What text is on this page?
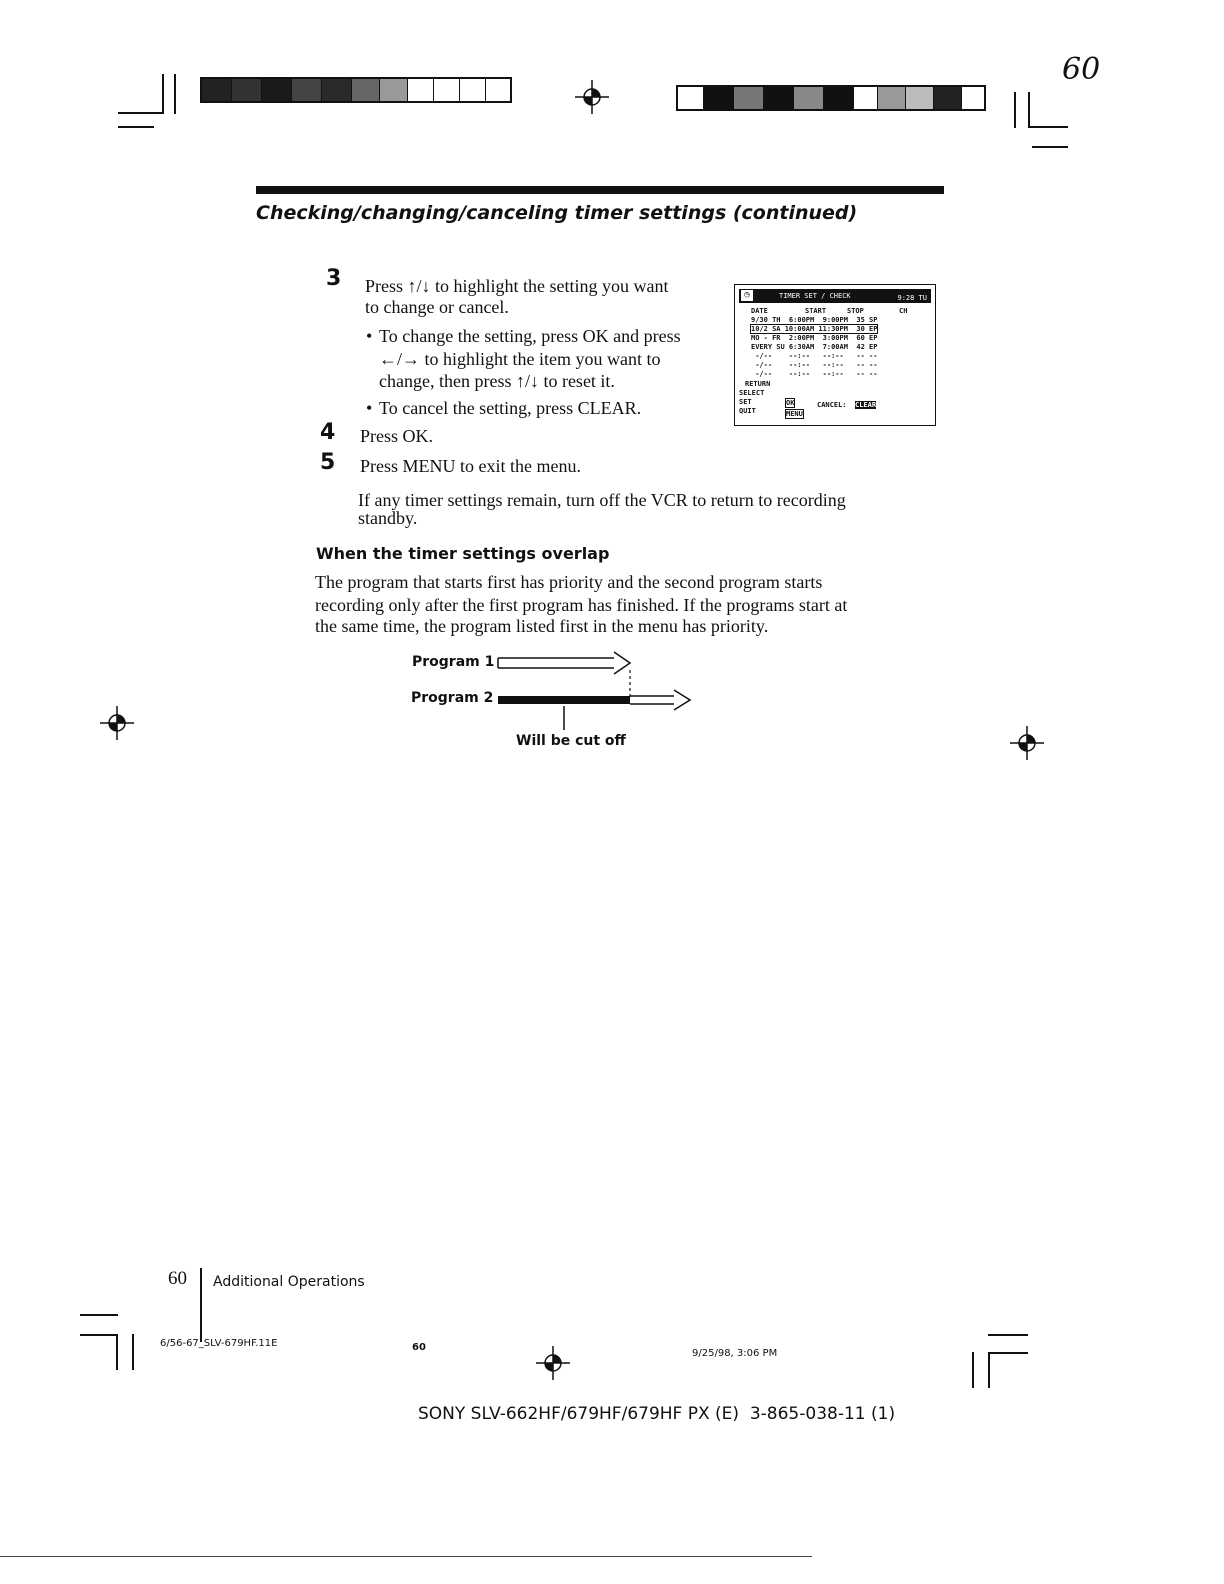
60
Checking/changing/canceling timer settings (continued)
3 Press ↑/↓ to highlight the setting you want
to change or cancel.
• To change the setting, press OK and press
←/→ to highlight the item you want to
change, then press ↑/↓ to reset it.
• To cancel the setting, press CLEAR.
4 Press OK.
5 Press MENU to exit the menu.
If any timer settings remain, turn off the VCR to return to recording
standby.
When the timer settings overlap
The program that starts first has priority and the second program starts
recording only after the first program has finished. If the programs start at
the same time, the program listed first in the menu has priority.
Program 1
Program 2
Will be cut off
◷	TIMER SET / CHECK	9:28 TU
DATE	START	STOP	CH
9/30 TH  6:00PM  9:00PM  35 SP
10/2 SA 10:00AM 11:30PM  30 EP
MO - FR  2:00PM  3:00PM  60 EP
EVERY SU 6:30AM  7:00AM  42 EP
-/--    --:--   --:--   -- --
-/--    --:--   --:--   -- --
-/--    --:--   --:--   -- --
RETURN
SELECT
SET	OK	CANCEL: CLEAR
QUIT	MENU
60 Additional Operations
6/56-67_SLV-679HF.11E	60
9/25/98, 3:06 PM
SONY SLV-662HF/679HF/679HF PX (E)  3-865-038-11 (1)
